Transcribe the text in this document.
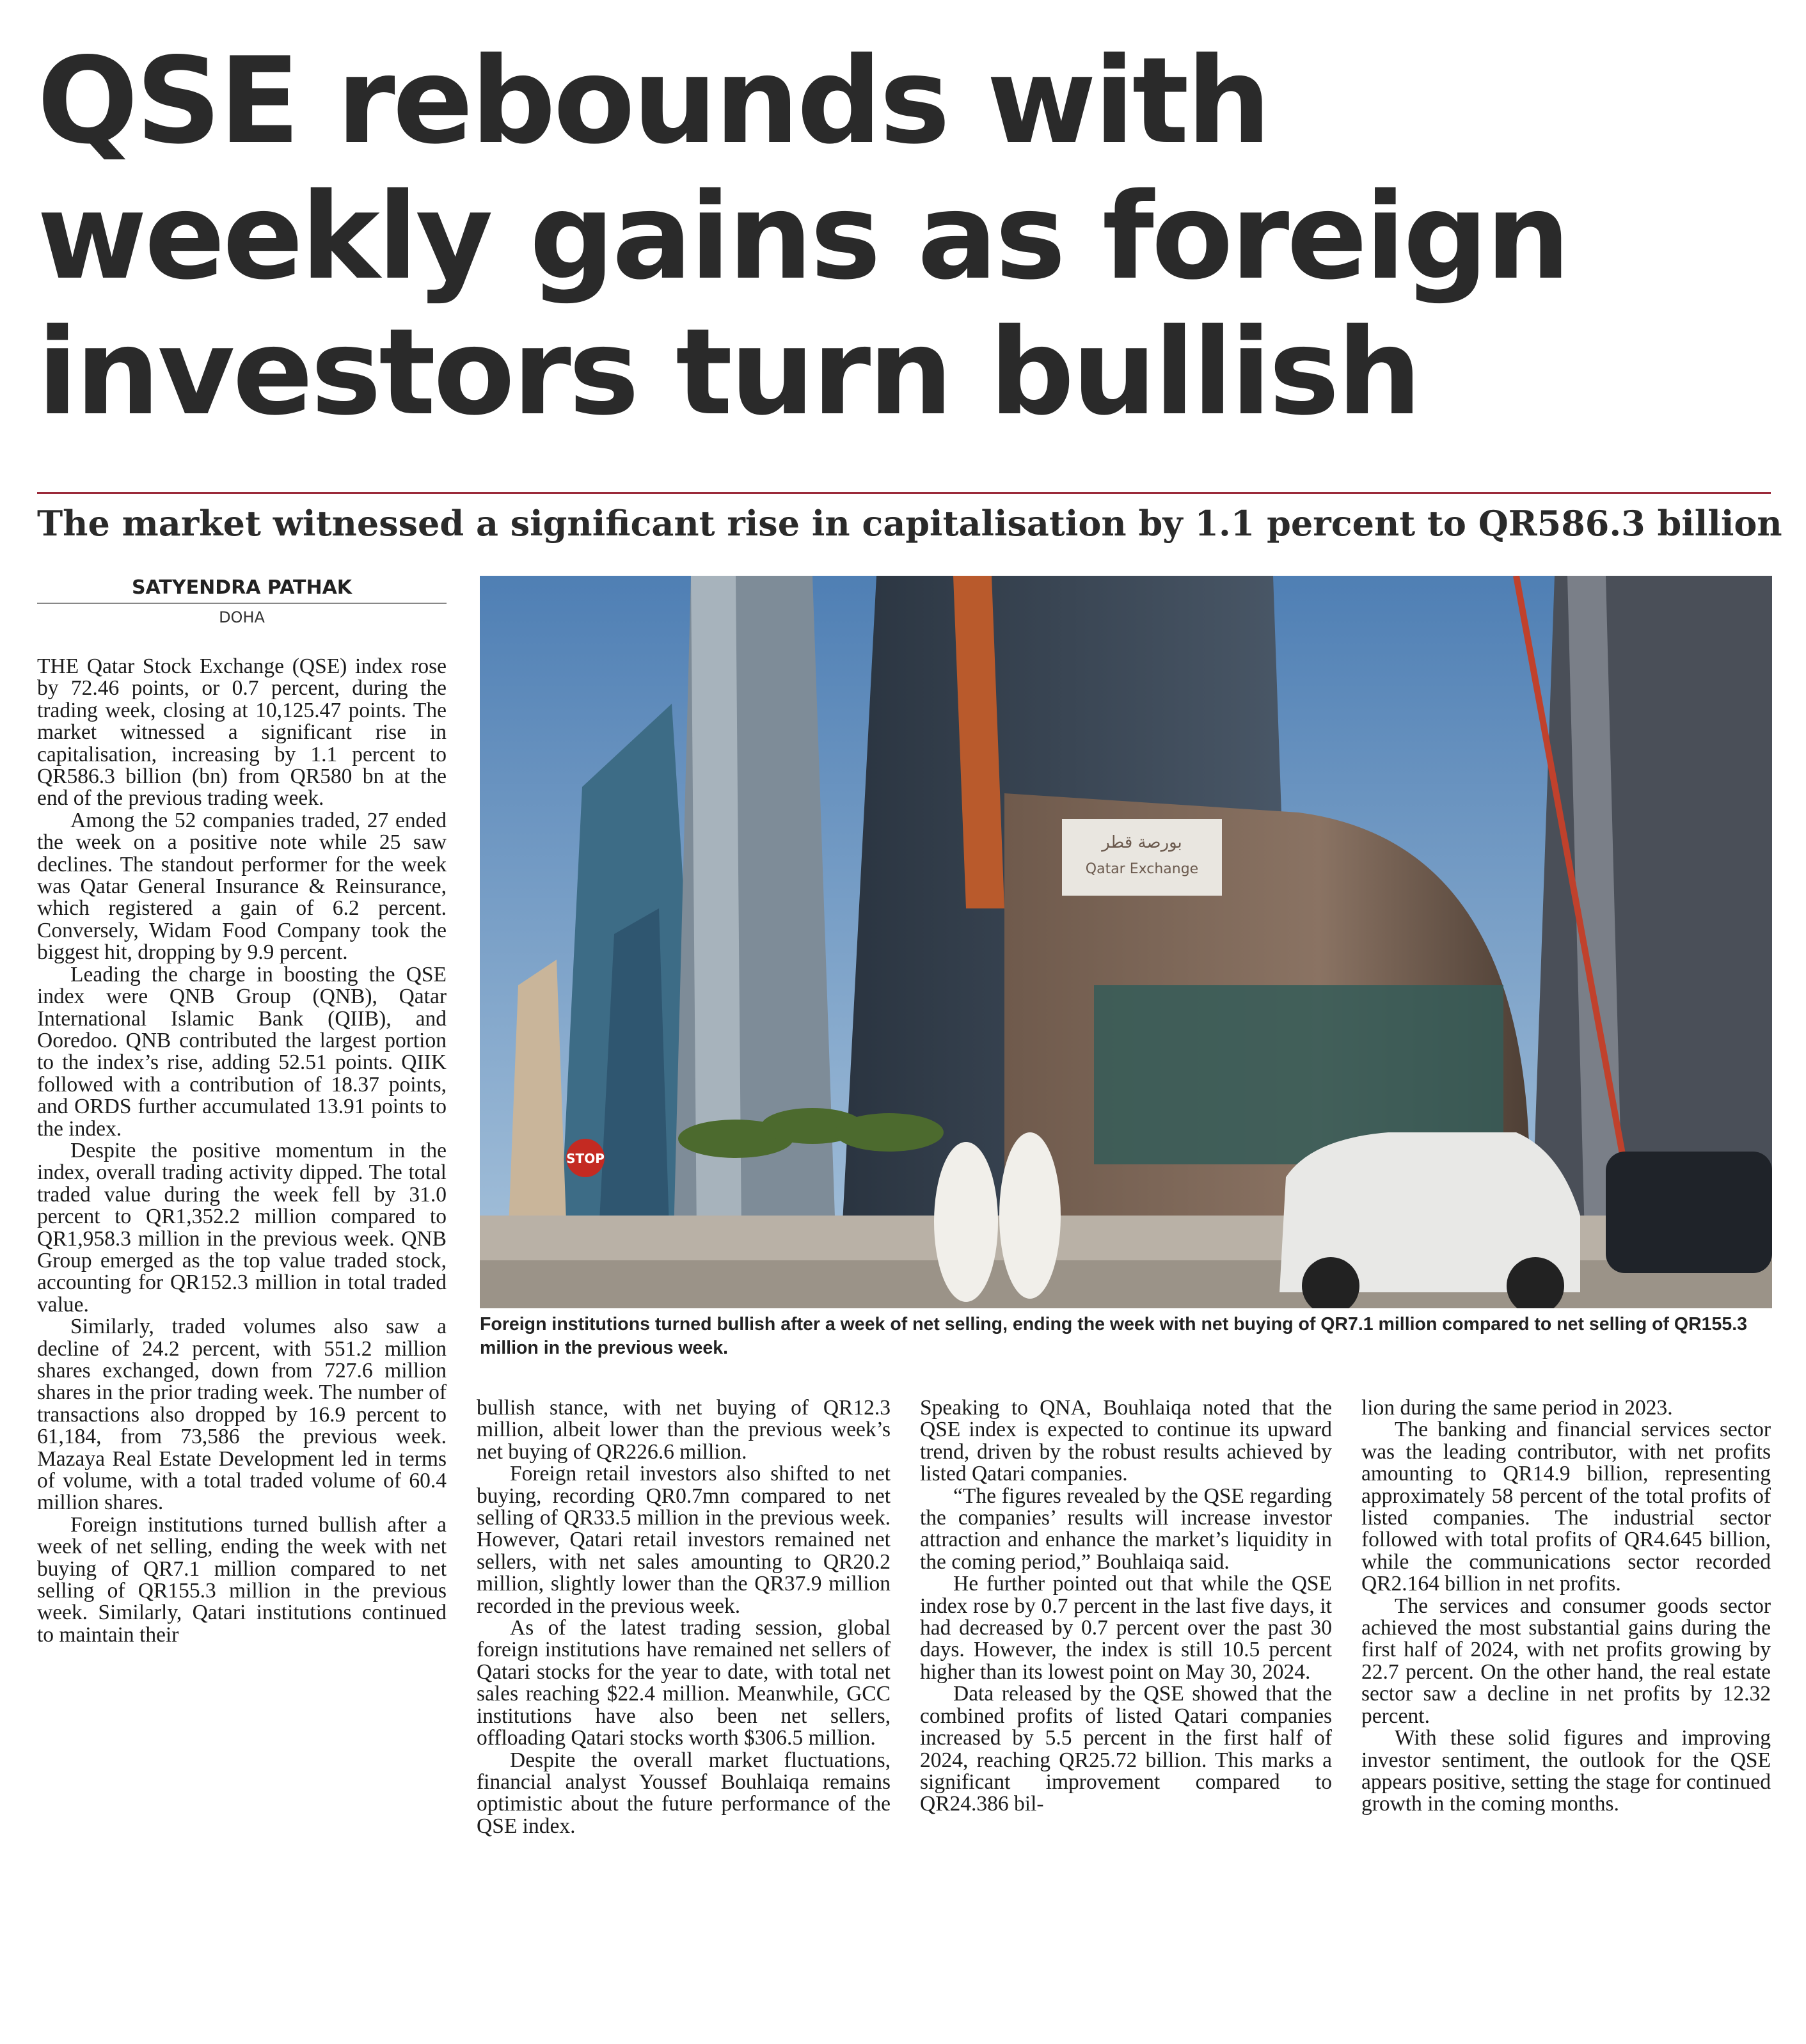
QSE rebounds with
weekly gains as foreign
investors turn bullish
The market witnessed a significant rise in capitalisation by 1.1 percent to QR586.3 billion
SATYENDRA PATHAK
DOHA
بورصة قطر
Qatar Exchange
STOP
Foreign institutions turned bullish after a week of net selling, ending the week with net buying of QR7.1 million compared to net selling of QR155.3 million in the previous week.

THE Qatar Stock Exchange (QSE) index rose by 72.46 points, or 0.7 percent, during the trading week, closing at 10,125.47 points. The market witnessed a significant rise in capitalisation, increasing by 1.1 percent to QR586.3 billion (bn) from QR580 bn at the end of the previous trading week.

Among the 52 companies traded, 27 ended the week on a positive note while 25 saw declines. The standout performer for the week was Qatar General Insurance & Reinsurance, which registered a gain of 6.2 percent. Conversely, Widam Food Company took the biggest hit, dropping by 9.9 percent.

Leading the charge in boosting the QSE index were QNB Group (QNB), Qatar International Islamic Bank (QIIB), and Ooredoo. QNB contributed the largest portion to the index’s rise, adding 52.51 points. QIIK followed with a contribution of 18.37 points, and ORDS further accumulated 13.91 points to the index.

Despite the positive momentum in the index, overall trading activity dipped. The total traded value during the week fell by 31.0 percent to QR1,352.2 million compared to QR1,958.3 million in the previous week. QNB Group emerged as the top value traded stock, accounting for QR152.3 million in total traded value.

Similarly, traded volumes also saw a decline of 24.2 percent, with 551.2 million shares exchanged, down from 727.6 million shares in the prior trading week. The number of transactions also dropped by 16.9 percent to 61,184, from 73,586 the previous week. Mazaya Real Estate Development led in terms of volume, with a total traded volume of 60.4 million shares.

Foreign institutions turned bullish after a week of net selling, ending the week with net buying of QR7.1 million compared to net selling of QR155.3 million in the previous week. Similarly, Qatari institutions continued to maintain their

bullish stance, with net buying of QR12.3 million, albeit lower than the previous week’s net buying of QR226.6 million.

Foreign retail investors also shifted to net buying, recording QR0.7mn compared to net selling of QR33.5 million in the previous week. However, Qatari retail investors remained net sellers, with net sales amounting to QR20.2 million, slightly lower than the QR37.9 million recorded in the previous week.

As of the latest trading session, global foreign institutions have remained net sellers of Qatari stocks for the year to date, with total net sales reaching $22.4 million. Meanwhile, GCC institutions have also been net sellers, offloading Qatari stocks worth $306.5 million.

Despite the overall market fluctuations, financial analyst Youssef Bouhlaiqa remains optimistic about the future performance of the QSE index.

Speaking to QNA, Bouhlaiqa noted that the QSE index is expected to continue its upward trend, driven by the robust results achieved by listed Qatari companies.

“The figures revealed by the QSE regarding the companies’ results will increase investor attraction and enhance the market’s liquidity in the coming period,” Bouhlaiqa said.

He further pointed out that while the QSE index rose by 0.7 percent in the last five days, it had decreased by 0.7 percent over the past 30 days. However, the index is still 10.5 percent higher than its lowest point on May 30, 2024.

Data released by the QSE showed that the combined profits of listed Qatari companies increased by 5.5 percent in the first half of 2024, reaching QR25.72 billion. This marks a significant improvement compared to QR24.386 bil-

lion during the same period in 2023.

The banking and financial services sector was the leading contributor, with net profits amounting to QR14.9 billion, representing approximately 58 percent of the total profits of listed companies. The industrial sector followed with total profits of QR4.645 billion, while the communications sector recorded QR2.164 billion in net profits.

The services and consumer goods sector achieved the most substantial gains during the first half of 2024, with net profits growing by 22.7 percent. On the other hand, the real estate sector saw a decline in net profits by 12.32 percent.

With these solid figures and improving investor sentiment, the outlook for the QSE appears positive, setting the stage for continued growth in the coming months.
